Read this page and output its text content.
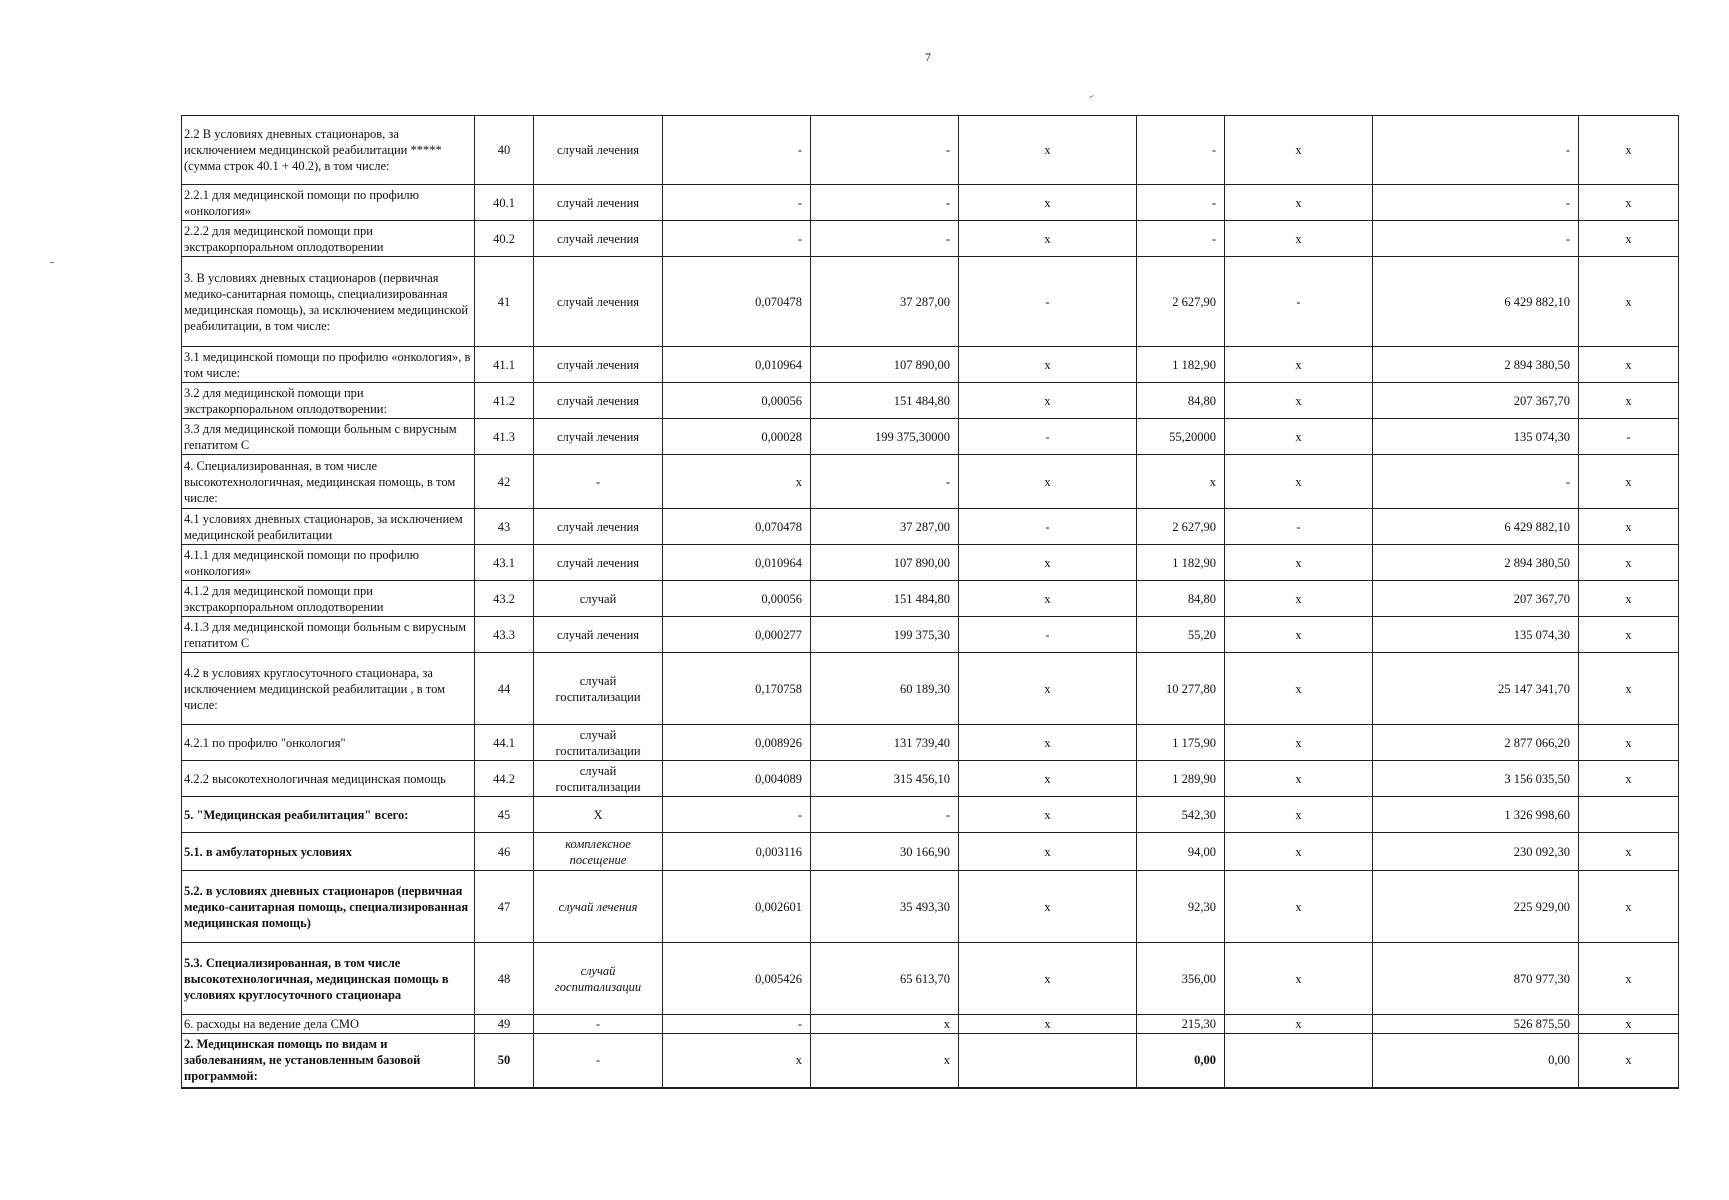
7
2.2 В условиях дневных стационаров, за исключением медицинской реабилитации ***** (сумма строк 40.1 + 40.2), в том числе:	40	случай лечения	-	-	х	-	х	-	х
2.2.1 для медицинской помощи по профилю «онкология»	40.1	случай лечения	-	-	х	-	х	-	х
2.2.2 для медицинской помощи при экстракорпоральном оплодотворении	40.2	случай лечения	-	-	х	-	х	-	х
3. В условиях дневных стационаров (первичная медико-санитарная помощь, специализированная медицинская помощь), за исключением медицинской реабилитации, в том числе:	41	случай лечения	0,070478	37 287,00	-	2 627,90	-	6 429 882,10	х
3.1 медицинской помощи по профилю «онкология», в том числе:	41.1	случай лечения	0,010964	107 890,00	х	1 182,90	х	2 894 380,50	х
3.2 для медицинской помощи при экстракорпоральном оплодотворении:	41.2	случай лечения	0,00056	151 484,80	х	84,80	х	207 367,70	х
3.3 для медицинской помощи больным с вирусным гепатитом С	41.3	случай лечения	0,00028	199 375,30000	-	55,20000	х	135 074,30	-
4. Специализированная, в том числе высокотехнологичная, медицинская помощь, в том числе:	42	-	х	-	х	х	х	-	х
4.1 условиях дневных стационаров, за исключением медицинской реабилитации	43	случай лечения	0,070478	37 287,00	-	2 627,90	-	6 429 882,10	х
4.1.1 для медицинской помощи по профилю «онкология»	43.1	случай лечения	0,010964	107 890,00	х	1 182,90	х	2 894 380,50	х
4.1.2 для медицинской помощи при экстракорпоральном оплодотворении	43.2	случай	0,00056	151 484,80	х	84,80	х	207 367,70	х
4.1.3 для медицинской помощи больным с вирусным гепатитом С	43.3	случай лечения	0,000277	199 375,30	-	55,20	х	135 074,30	х
4.2 в условиях круглосуточного стационара, за исключением медицинской реабилитации , в том числе:	44	случай госпитализации	0,170758	60 189,30	х	10 277,80	х	25 147 341,70	х
4.2.1 по профилю "онкология"	44.1	случай госпитализации	0,008926	131 739,40	х	1 175,90	х	2 877 066,20	х
4.2.2 высокотехнологичная медицинская помощь	44.2	случай госпитализации	0,004089	315 456,10	х	1 289,90	х	3 156 035,50	х
5. "Медицинская реабилитация" всего:	45	Х	-	-	х	542,30	х	1 326 998,60	
5.1. в амбулаторных условиях	46	комплексное посещение	0,003116	30 166,90	х	94,00	х	230 092,30	х
5.2. в условиях дневных стационаров (первичная медико-санитарная помощь, специализированная медицинская помощь)	47	случай лечения	0,002601	35 493,30	х	92,30	х	225 929,00	х
5.3. Специализированная, в том числе высокотехнологичная, медицинская помощь в условиях круглосуточного стационара	48	случай госпитализации	0,005426	65 613,70	х	356,00	х	870 977,30	х
6. расходы на ведение дела СМО	49	-	-	х	х	215,30	х	526 875,50	х
2. Медицинская помощь по видам и заболеваниям, не установленным базовой программой:	50	-	х	х		0,00		0,00	х
